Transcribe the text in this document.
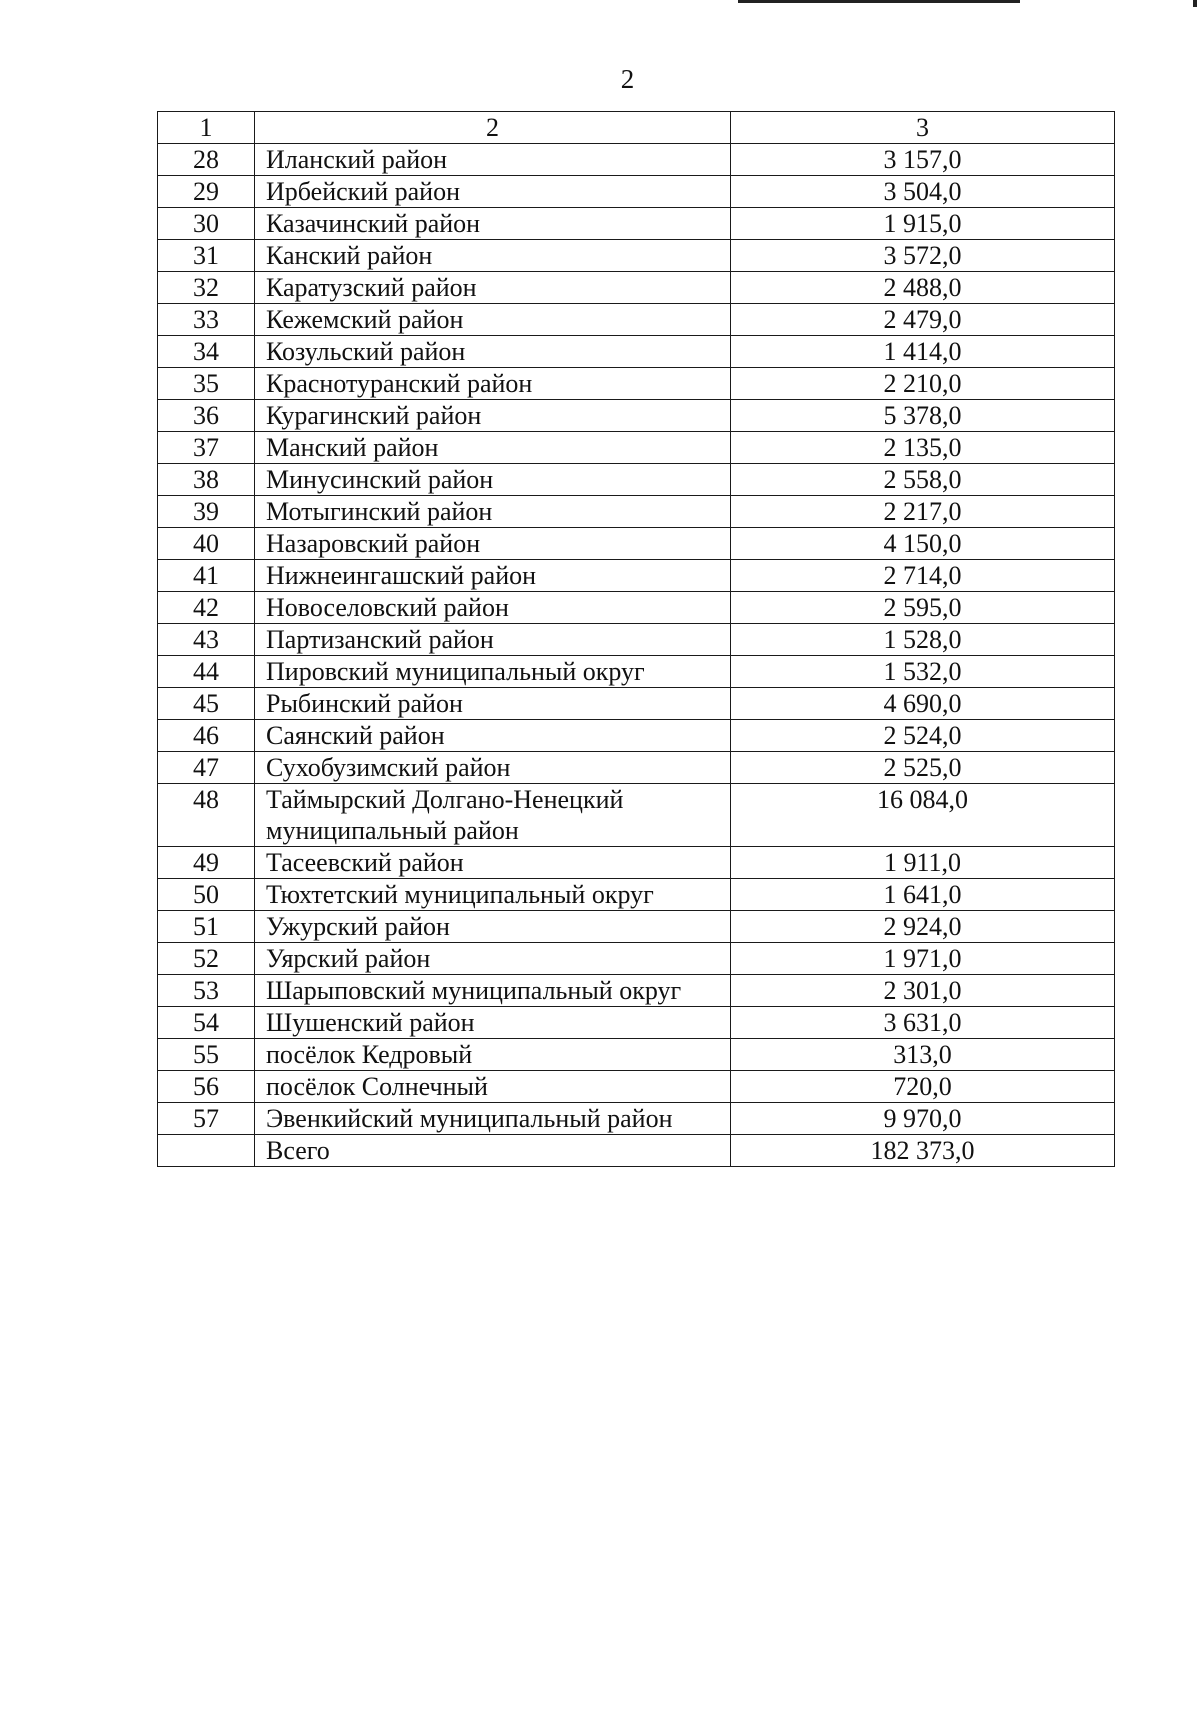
2
1	2	3
28	Иланский район	3 157,0
29	Ирбейский район	3 504,0
30	Казачинский район	1 915,0
31	Канский район	3 572,0
32	Каратузский район	2 488,0
33	Кежемский район	2 479,0
34	Козульский район	1 414,0
35	Краснотуранский район	2 210,0
36	Курагинский район	5 378,0
37	Манский район	2 135,0
38	Минусинский район	2 558,0
39	Мотыгинский район	2 217,0
40	Назаровский район	4 150,0
41	Нижнеингашский район	2 714,0
42	Новоселовский район	2 595,0
43	Партизанский район	1 528,0
44	Пировский муниципальный округ	1 532,0
45	Рыбинский район	4 690,0
46	Саянский район	2 524,0
47	Сухобузимский район	2 525,0
48	Таймырский Долгано-Ненецкий
муниципальный район	16 084,0
49	Тасеевский район	1 911,0
50	Тюхтетский муниципальный округ	1 641,0
51	Ужурский район	2 924,0
52	Уярский район	1 971,0
53	Шарыповский муниципальный округ	2 301,0
54	Шушенский район	3 631,0
55	посёлок Кедровый	313,0
56	посёлок Солнечный	720,0
57	Эвенкийский муниципальный район	9 970,0
	Всего	182 373,0
